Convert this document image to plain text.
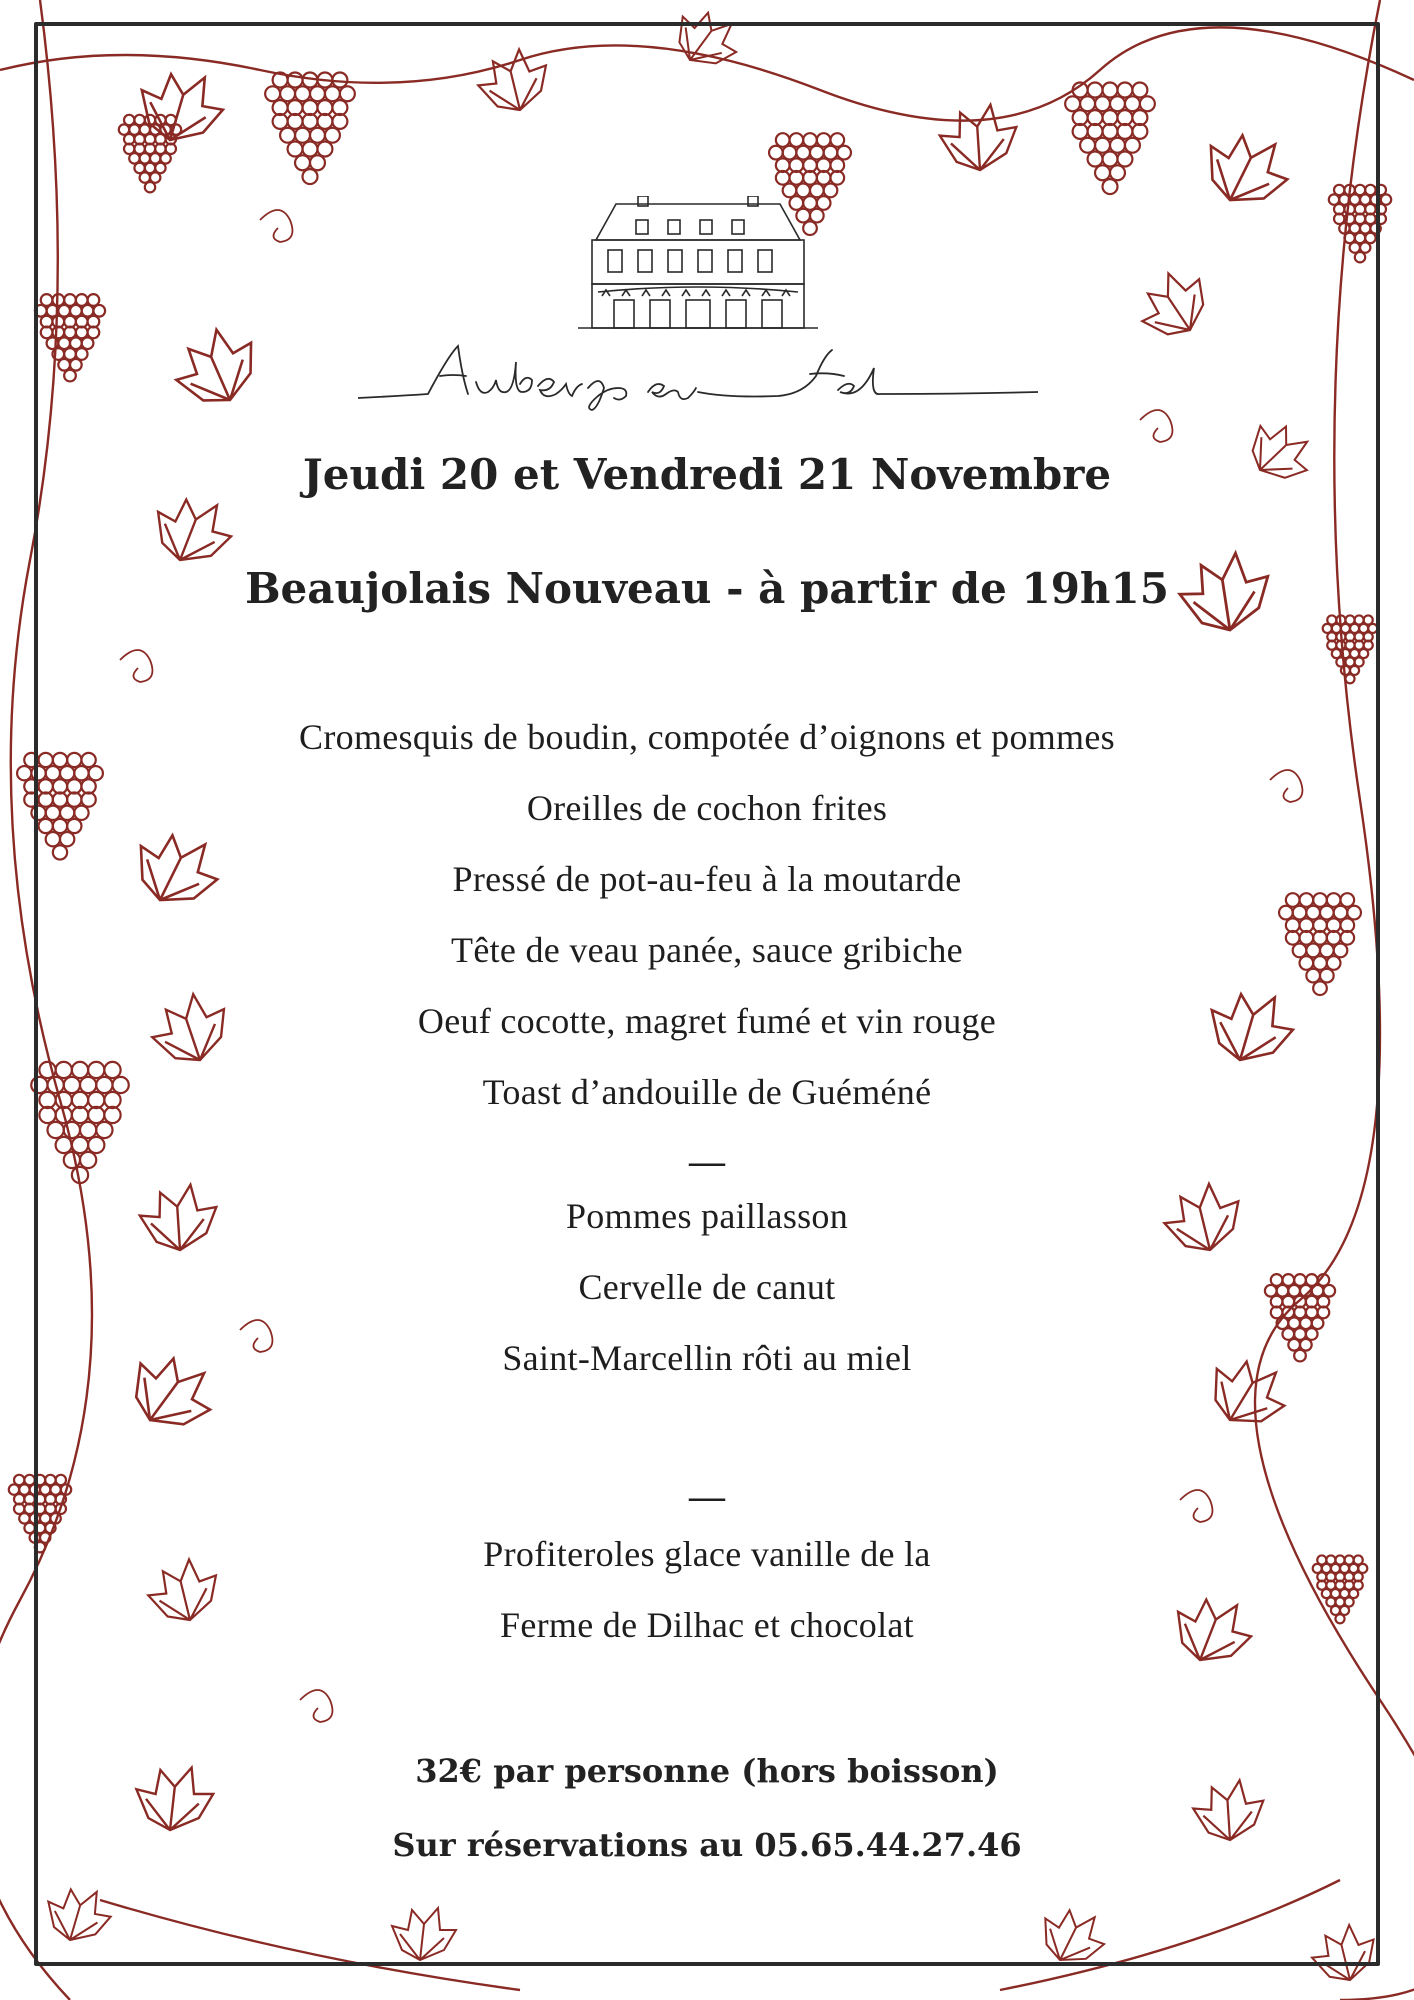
Jeudi 20 et Vendredi 21 Novembre
Beaujolais Nouveau - à partir de 19h15
Cromesquis de boudin, compotée d’oignons et pommes
Oreilles de cochon frites
Pressé de pot-au-feu à la moutarde
Tête de veau panée, sauce gribiche
Oeuf cocotte, magret fumé et vin rouge
Toast d’andouille de Guéméné
—
Pommes paillasson
Cervelle de canut
Saint-Marcellin rôti au miel
—
Profiteroles glace vanille de la
Ferme de Dilhac et chocolat
32€ par personne (hors boisson)
Sur réservations au 05.65.44.27.46
